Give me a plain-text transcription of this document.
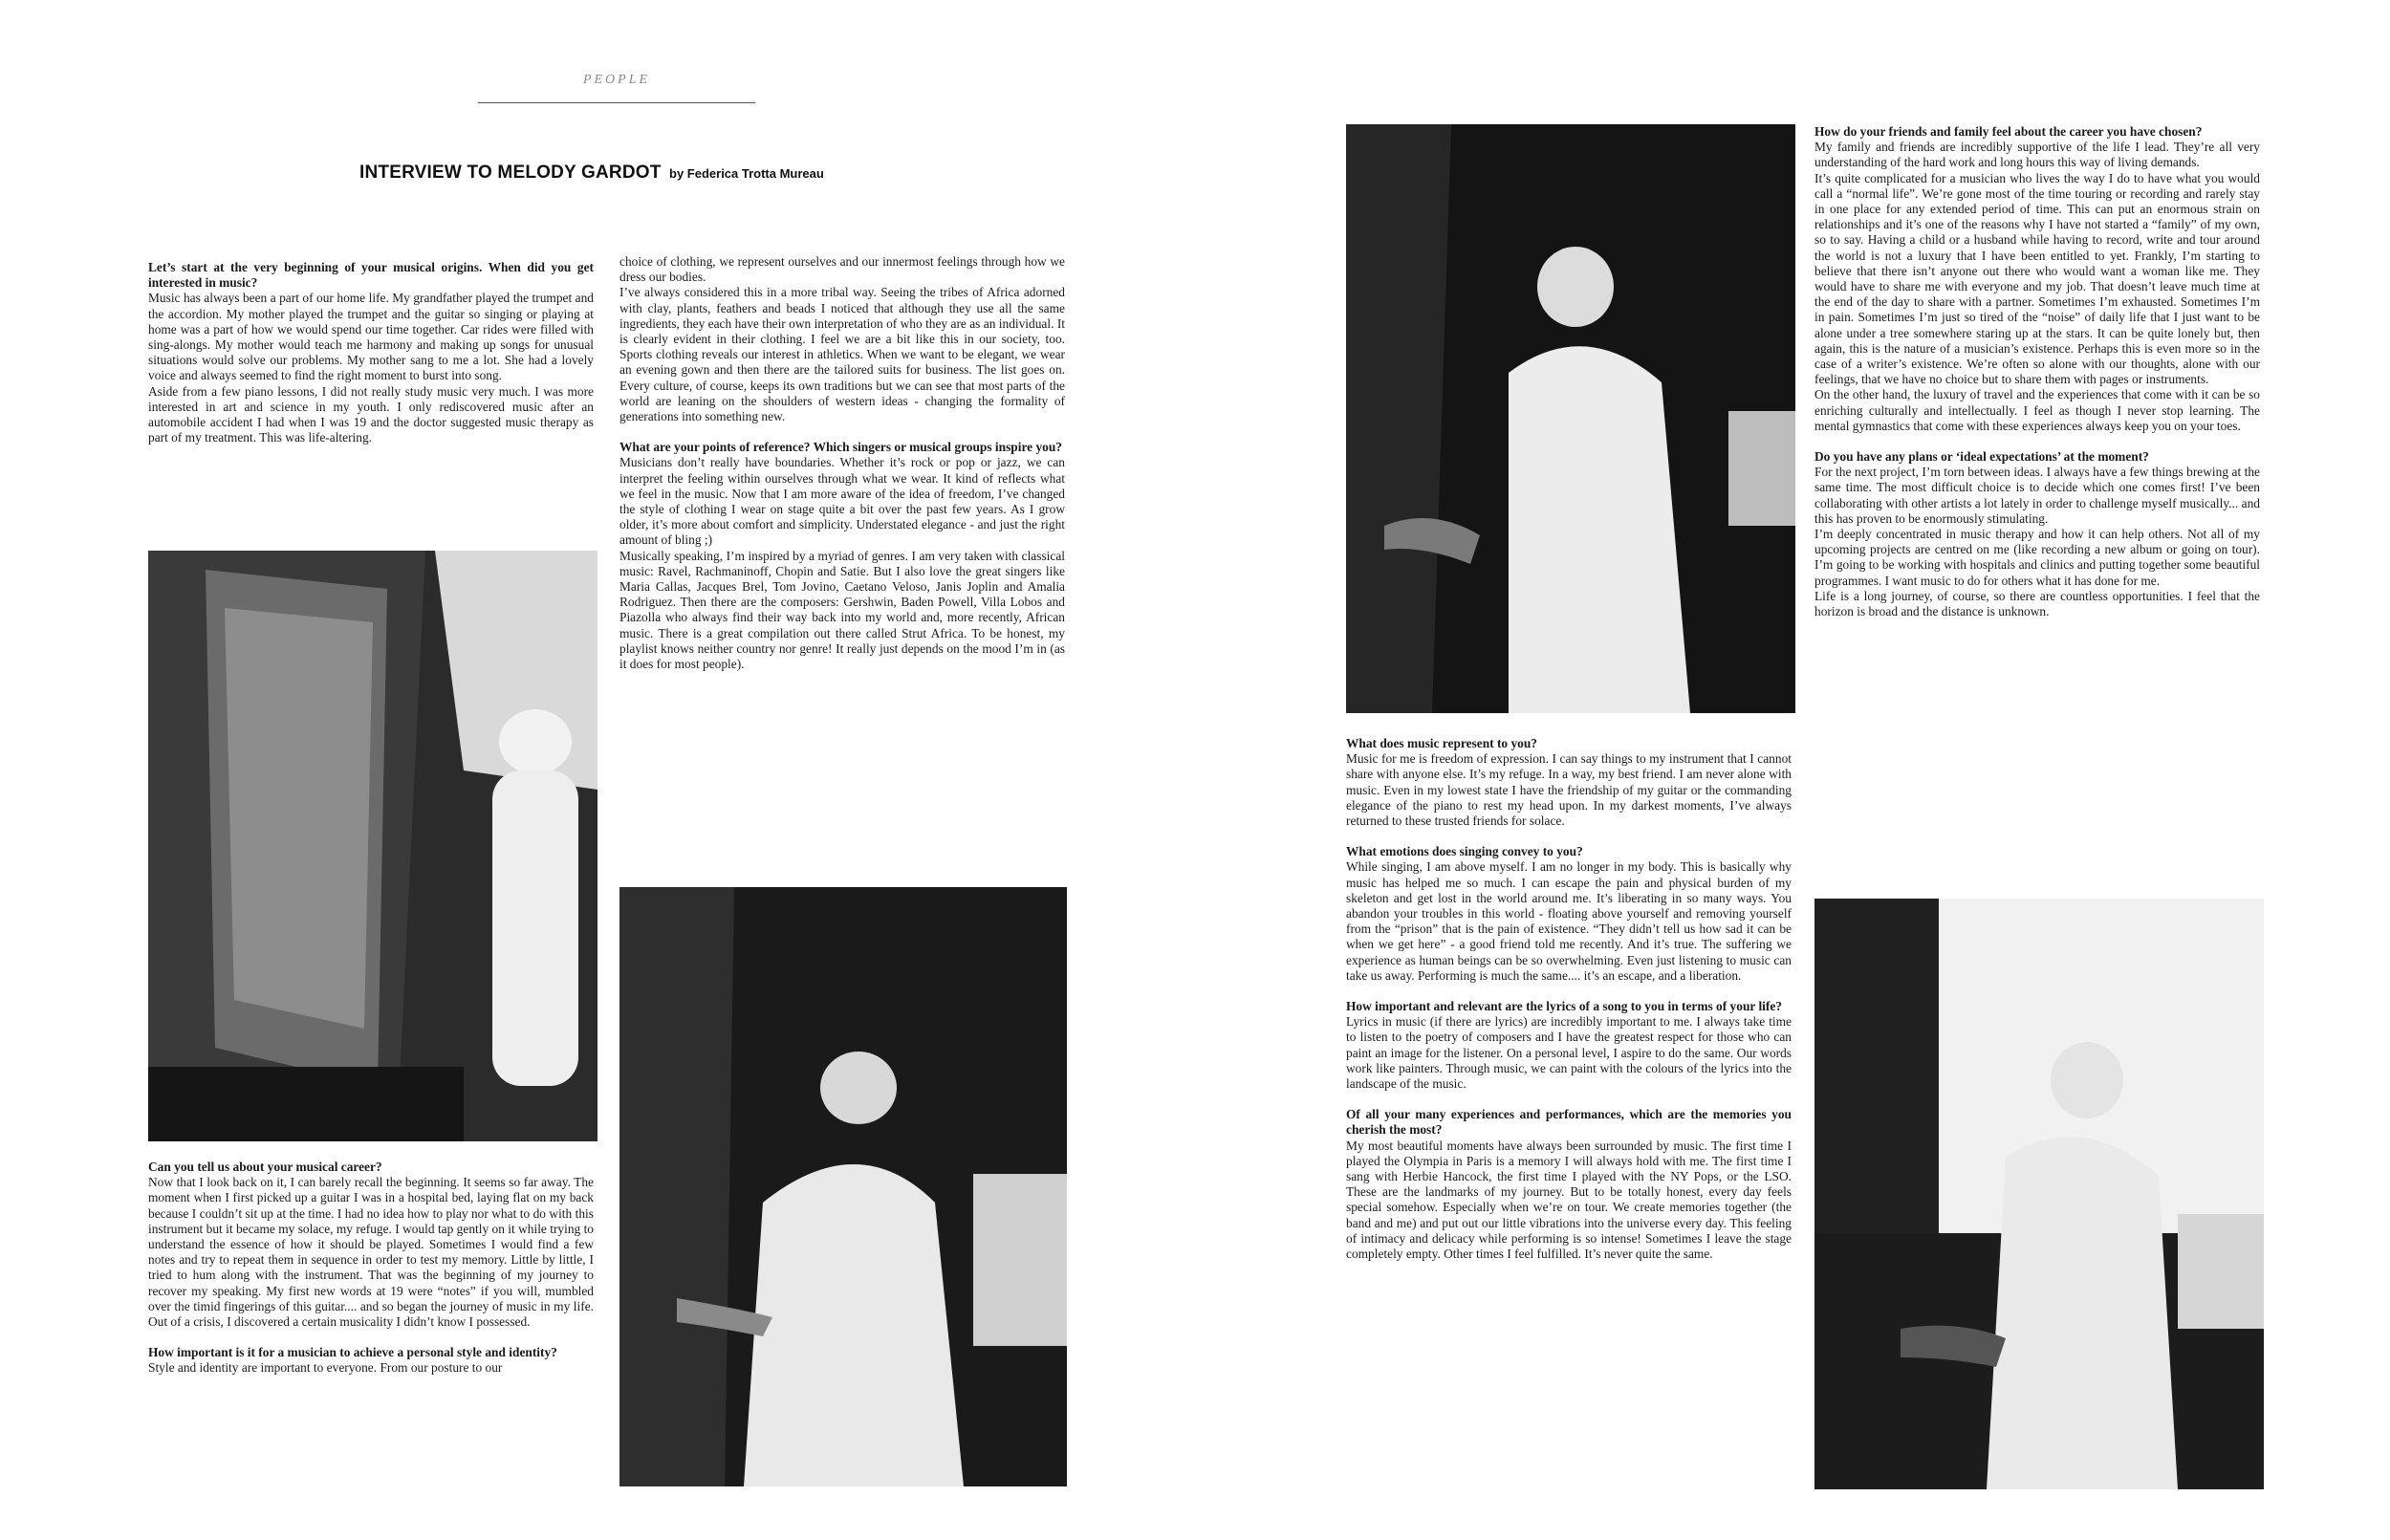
PEOPLE
INTERVIEW TO MELODY GARDOT by Federica Trotta Mureau

Let’s start at the very beginning of your musical origins. When did you get interested in music?

Music has always been a part of our home life. My grandfather played the trumpet and the accordion. My mother played the trumpet and the guitar so singing or playing at home was a part of how we would spend our time together. Car rides were filled with sing-alongs. My mother would teach me harmony and making up songs for unusual situations would solve our problems. My mother sang to me a lot. She had a lovely voice and always seemed to find the right moment to burst into song.

Aside from a few piano lessons, I did not really study music very much. I was more interested in art and science in my youth. I only rediscovered music after an automobile accident I had when I was 19 and the doctor suggested music therapy as part of my treatment. This was life-altering.

Can you tell us about your musical career?

Now that I look back on it, I can barely recall the beginning. It seems so far away. The moment when I first picked up a guitar I was in a hospital bed, laying flat on my back because I couldn’t sit up at the time. I had no idea how to play nor what to do with this instrument but it became my solace, my refuge. I would tap gently on it while trying to understand the essence of how it should be played. Sometimes I would find a few notes and try to repeat them in sequence in order to test my memory. Little by little, I tried to hum along with the instrument. That was the beginning of my journey to recover my speaking. My first new words at 19 were “notes” if you will, mumbled over the timid fingerings of this guitar.... and so began the journey of music in my life. Out of a crisis, I discovered a certain musicality I didn’t know I possessed.

How important is it for a musician to achieve a personal style and identity?

Style and identity are important to everyone. From our posture to our

choice of clothing, we represent ourselves and our innermost feelings through how we dress our bodies.

I’ve always considered this in a more tribal way. Seeing the tribes of Africa adorned with clay, plants, feathers and beads I noticed that although they use all the same ingredients, they each have their own interpretation of who they are as an individual. It is clearly evident in their clothing. I feel we are a bit like this in our society, too. Sports clothing reveals our interest in athletics. When we want to be elegant, we wear an evening gown and then there are the tailored suits for business. The list goes on. Every culture, of course, keeps its own traditions but we can see that most parts of the world are leaning on the shoulders of western ideas - changing the formality of generations into something new.

What are your points of reference? Which singers or musical groups inspire you?

Musicians don’t really have boundaries. Whether it’s rock or pop or jazz, we can interpret the feeling within ourselves through what we wear. It kind of reflects what we feel in the music. Now that I am more aware of the idea of freedom, I’ve changed the style of clothing I wear on stage quite a bit over the past few years. As I grow older, it’s more about comfort and simplicity. Understated elegance - and just the right amount of bling ;)

Musically speaking, I’m inspired by a myriad of genres. I am very taken with classical music: Ravel, Rachmaninoff, Chopin and Satie. But I also love the great singers like Maria Callas, Jacques Brel, Tom Jovino, Caetano Veloso, Janis Joplin and Amalia Rodriguez. Then there are the composers: Gershwin, Baden Powell, Villa Lobos and Piazolla who always find their way back into my world and, more recently, African music. There is a great compilation out there called Strut Africa. To be honest, my playlist knows neither country nor genre! It really just depends on the mood I’m in (as it does for most people).

What does music represent to you?

Music for me is freedom of expression. I can say things to my instrument that I cannot share with anyone else. It’s my refuge. In a way, my best friend. I am never alone with music. Even in my lowest state I have the friendship of my guitar or the commanding elegance of the piano to rest my head upon. In my darkest moments, I’ve always returned to these trusted friends for solace.

What emotions does singing convey to you?

While singing, I am above myself. I am no longer in my body. This is basically why music has helped me so much. I can escape the pain and physical burden of my skeleton and get lost in the world around me. It’s liberating in so many ways. You abandon your troubles in this world - floating above yourself and removing yourself from the “prison” that is the pain of existence. “They didn’t tell us how sad it can be when we get here” - a good friend told me recently. And it’s true. The suffering we experience as human beings can be so overwhelming. Even just listening to music can take us away. Performing is much the same.... it’s an escape, and a liberation.

How important and relevant are the lyrics of a song to you in terms of your life?

Lyrics in music (if there are lyrics) are incredibly important to me. I always take time to listen to the poetry of composers and I have the greatest respect for those who can paint an image for the listener. On a personal level, I aspire to do the same. Our words work like painters. Through music, we can paint with the colours of the lyrics into the landscape of the music.

Of all your many experiences and performances, which are the memories you cherish the most?

My most beautiful moments have always been surrounded by music. The first time I played the Olympia in Paris is a memory I will always hold with me. The first time I sang with Herbie Hancock, the first time I played with the NY Pops, or the LSO. These are the landmarks of my journey. But to be totally honest, every day feels special somehow. Especially when we’re on tour. We create memories together (the band and me) and put out our little vibrations into the universe every day. This feeling of intimacy and delicacy while performing is so intense! Sometimes I leave the stage completely empty. Other times I feel fulfilled. It’s never quite the same.

How do your friends and family feel about the career you have chosen?

My family and friends are incredibly supportive of the life I lead. They’re all very understanding of the hard work and long hours this way of living demands.

It’s quite complicated for a musician who lives the way I do to have what you would call a “normal life”. We’re gone most of the time touring or recording and rarely stay in one place for any extended period of time. This can put an enormous strain on relationships and it’s one of the reasons why I have not started a “family” of my own, so to say. Having a child or a husband while having to record, write and tour around the world is not a luxury that I have been entitled to yet. Frankly, I’m starting to believe that there isn’t anyone out there who would want a woman like me. They would have to share me with everyone and my job. That doesn’t leave much time at the end of the day to share with a partner. Sometimes I’m exhausted. Sometimes I’m in pain. Sometimes I’m just so tired of the “noise” of daily life that I just want to be alone under a tree somewhere staring up at the stars. It can be quite lonely but, then again, this is the nature of a musician’s existence. Perhaps this is even more so in the case of a writer’s existence. We’re often so alone with our thoughts, alone with our feelings, that we have no choice but to share them with pages or instruments.

On the other hand, the luxury of travel and the experiences that come with it can be so enriching culturally and intellectually. I feel as though I never stop learning. The mental gymnastics that come with these experiences always keep you on your toes.

Do you have any plans or ‘ideal expectations’ at the moment?

For the next project, I’m torn between ideas. I always have a few things brewing at the same time. The most difficult choice is to decide which one comes first! I’ve been collaborating with other artists a lot lately in order to challenge myself musically... and this has proven to be enormously stimulating.

I’m deeply concentrated in music therapy and how it can help others. Not all of my upcoming projects are centred on me (like recording a new album or going on tour). I’m going to be working with hospitals and clinics and putting together some beautiful programmes. I want music to do for others what it has done for me.

Life is a long journey, of course, so there are countless opportunities. I feel that the horizon is broad and the distance is unknown.
